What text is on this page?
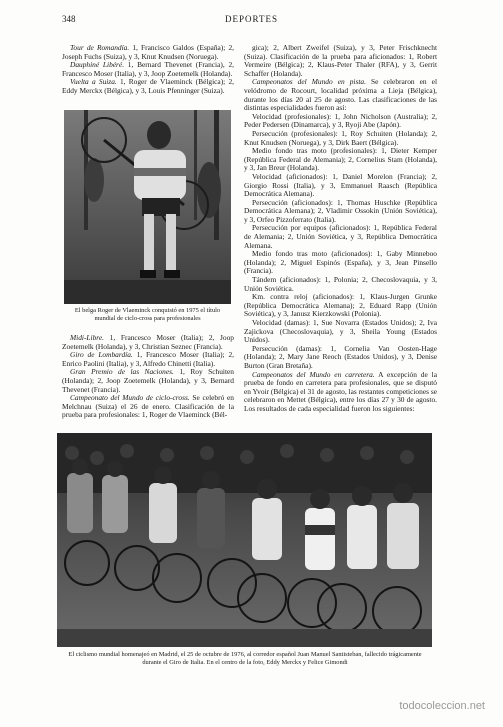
348	DEPORTES

Tour de Romandía. 1, Francisco Galdos (España); 2, Joseph Fuchs (Suiza), y 3, Knut Knudsen (Noruega).

Dauphiné Libéré. 1, Bernard Thevenet (Francia), 2, Francesco Moser (Italia), y 3, Joop Zoetemelk (Holanda).

Vuelta a Suiza. 1, Roger de Vlaeminck (Bélgica); 2, Eddy Merckx (Bélgica), y 3, Louis Pfenninger (Suiza).

El belga Roger de Vlaeminck conquistó en 1975 el título mundial de ciclo-cross para profesionales

Midi-Libre. 1, Francesco Moser (Italia); 2, Joop Zoetemelk (Holanda), y 3, Christian Seznec (Francia).

Giro de Lombardía. 1, Francesco Moser (Italia); 2, Enrico Paolini (Italia), y 3, Alfredo Chinetti (Italia).

Gran Premio de las Naciones. 1, Roy Schuiten (Holanda); 2, Joop Zoetemelk (Holanda), y 3, Bernard Thevenet (Francia).

Campeonato del Mundo de ciclo-cross. Se celebró en Melchnau (Suiza) el 26 de enero. Clasificación de la prueba para profesionales: 1, Roger de Vlaeminck (Bél-

gica); 2, Albert Zweifel (Suiza), y 3, Peter Frischknecht (Suiza). Clasificación de la prueba para aficionados: 1, Robert Vermeire (Bélgica); 2, Klaus-Peter Thaler (RFA), y 3, Gerrit Schaffer (Holanda).

Campeonatos del Mundo en pista. Se celebraron en el velódromo de Rocourt, localidad próxima a Lieja (Bélgica), durante los días 20 al 25 de agosto. Las clasificaciones de las distintas especialidades fueron así:

Velocidad (profesionales): 1, John Nicholson (Australia); 2, Peder Pedersen (Dinamarca), y 3, Ryoji Abe (Japón).

Persecución (profesionales): 1, Roy Schuiten (Holanda); 2, Knut Knudsen (Noruega), y 3, Dirk Baert (Bélgica).

Medio fondo tras moto (profesionales): 1, Dieter Kemper (República Federal de Alemania); 2, Cornelius Stam (Holanda), y 3, Jan Breur (Holanda).

Velocidad (aficionados): 1, Daniel Morelon (Francia); 2, Giorgio Rossi (Italia), y 3, Emmanuel Raasch (República Democrática Alemana).

Persecución (aficionados): 1, Thomas Huschke (República Democrática Alemana); 2, Vladimir Ossokin (Unión Soviética), y 3, Orfeo Pizzoferrato (Italia).

Persecución por equipos (aficionados): 1, República Federal de Alemania; 2, Unión Soviética, y 3, República Democrática Alemana.

Medio fondo tras moto (aficionados): 1, Gaby Minneboo (Holanda); 2, Miguel Espinós (España), y 3, Jean Pinsello (Francia).

Tándem (aficionados): 1, Polonia; 2, Checoslovaquia, y 3, Unión Soviética.

Km. contra reloj (aficionados): 1, Klaus-Jurgen Grunke (República Democrática Alemana); 2, Eduard Rapp (Unión Soviética), y 3, Janusz Kierzkowski (Polonia).

Velocidad (damas): 1, Sue Novarra (Estados Unidos); 2, Iva Zajickova (Checoslovaquia), y 3, Sheila Young (Estados Unidos).

Persecución (damas): 1, Cornelia Van Oosten-Hage (Holanda); 2, Mary Jane Reoch (Estados Unidos), y 3, Denise Burton (Gran Bretaña).

Campeonatos del Mundo en carretera. A excepción de la prueba de fondo en carretera para profesionales, que se disputó en Yvoir (Bélgica) el 31 de agosto, las restantes competiciones se celebraron en Mettet (Bélgica), entre los días 27 y 30 de agosto. Los resultados de cada especialidad fueron los siguientes:

El ciclismo mundial homenajeó en Madrid, el 25 de octubre de 1976, al corredor español Juan Manuel Santisteban, fallecido trágicamente durante el Giro de Italia. En el centro de la foto, Eddy Merckx y Felice Gimondi
todocoleccion.net
